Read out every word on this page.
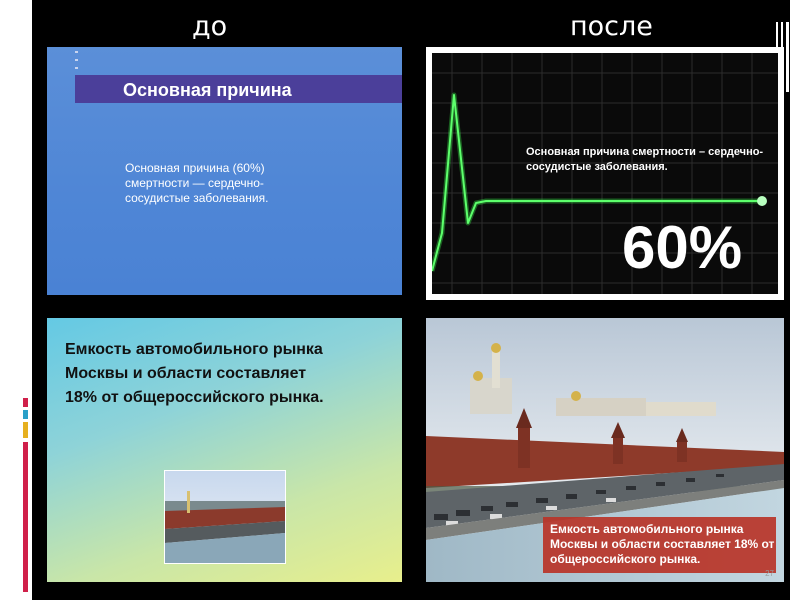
до	после
Основная причина
Основная причина (60%) смертности — сердечно-сосудистые заболевания.
Основная причина смертности – сердечно-сосудистые заболевания.
60%
Емкость автомобильного рынка
Москвы и области составляет
18% от общероссийского рынка.
Емкость автомобильного рынка Москвы и области составляет 18% от общероссийского рынка.
27
